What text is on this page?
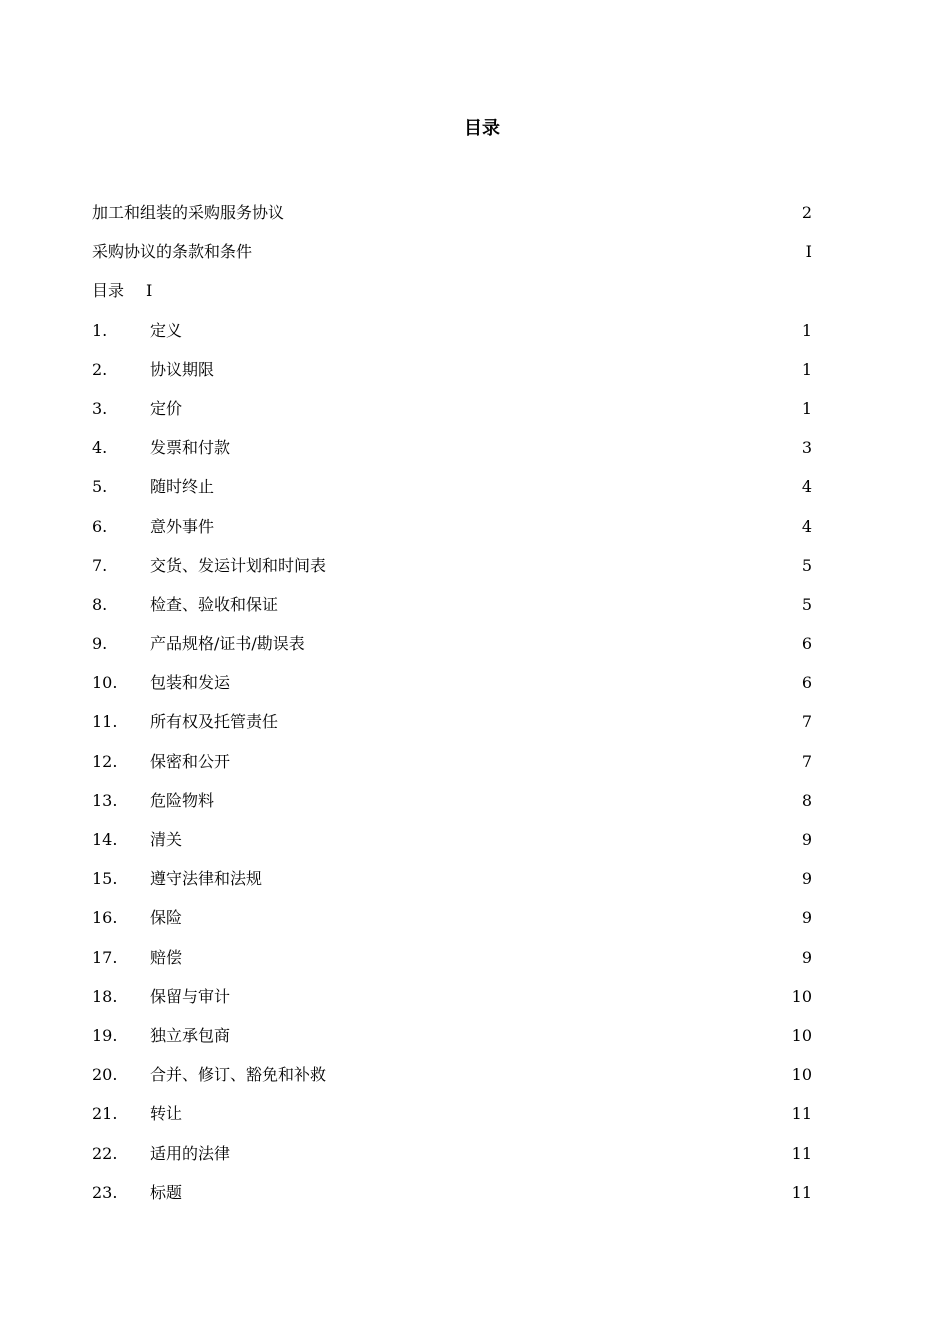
目录
加工和组装的采购服务协议	2
采购协议的条款和条件	I
目录 I
1.	定义	1
2.	协议期限	1
3.	定价	1
4.	发票和付款	3
5.	随时终止	4
6.	意外事件	4
7.	交货、发运计划和时间表	5
8.	检查、验收和保证	5
9.	产品规格/证书/勘误表	6
10. 包装和发运	6
11. 所有权及托管责任	7
12. 保密和公开	7
13. 危险物料	8
14. 清关	9
15. 遵守法律和法规	9
16. 保险	9
17. 赔偿	9
18. 保留与审计	10
19. 独立承包商	10
20. 合并、修订、豁免和补救	10
21. 转让	11
22. 适用的法律	11
23. 标题	11
